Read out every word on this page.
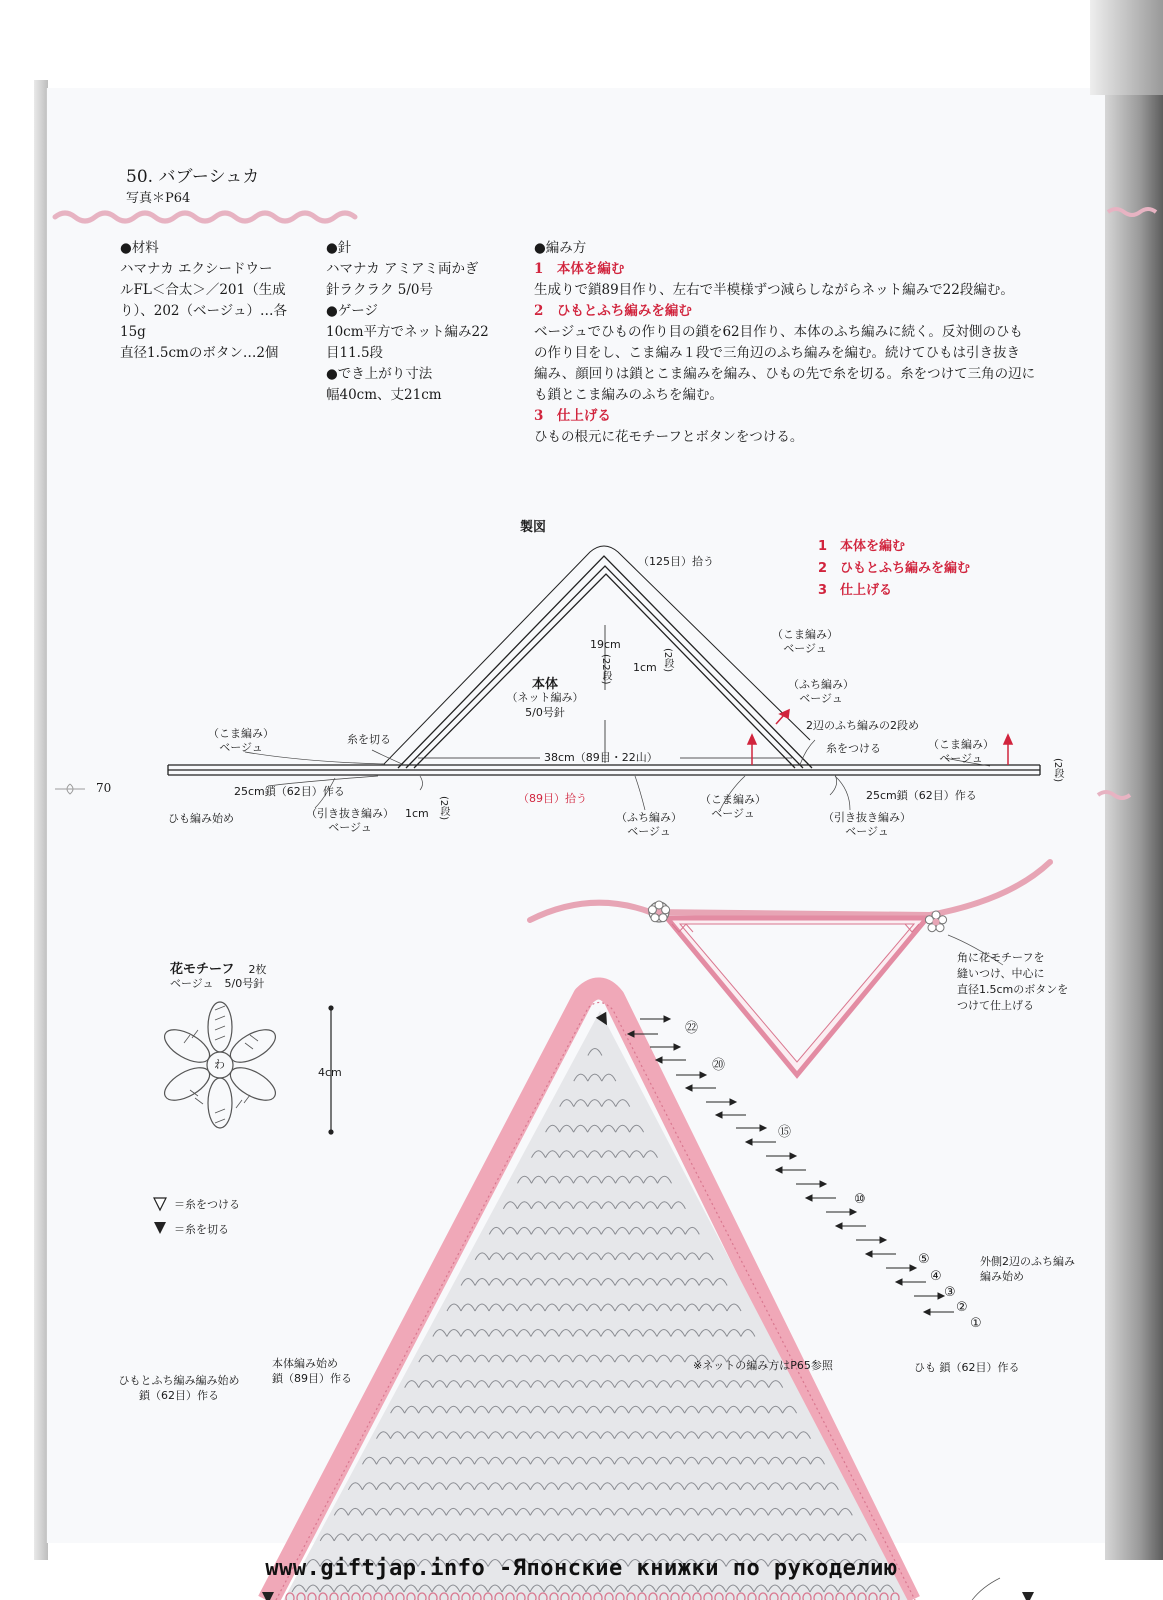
50. バブーシュカ
写真＊P64
70

●材料

ハマナカ エクシードウー

ルFL＜合太＞／201（生成

り）、202（ベージュ）…各

15g

直径1.5cmのボタン…2個

●針

ハマナカ アミアミ両かぎ

針ラクラク 5/0号

●ゲージ

10cm平方でネット編み22

目11.5段

●でき上がり寸法

幅40cm、丈21cm

●編み方

1　本体を編む

生成りで鎖89目作り、左右で半模様ずつ減らしながらネット編みで22段編む。

2　ひもとふち編みを編む

ベージュでひもの作り目の鎖を62目作り、本体のふち編みに続く。反対側のひも

の作り目をし、こま編み１段で三角辺のふち編みを編む。続けてひもは引き抜き

編み、顔回りは鎖とこま編みを編み、ひもの先で糸を切る。糸をつけて三角の辺に

も鎖とこま編みのふちを編む。

3　仕上げる

ひもの根元に花モチーフとボタンをつける。

製図
1　本体を編む
2　ひもとふち編みを編む
3　仕上げる
（125目）拾う
本体
（ネット編み）
5/0号針
19cm
(22段) 1cm (2段)
（こま編み）
ベージュ
（ふち編み）
ベージュ
2辺のふち編みの2段め
糸をつける
糸を切る
（こま編み）
ベージュ	（こま編み）
ベージュ	(2段)
38cm（89目・22山）
25cm鎖（62目）作る	25cm鎖（62目）作る
（89目）拾う
ひも編み始め	（引き抜き編み）
ベージュ
1cm (2段)	（ふち編み）
ベージュ
（こま編み）
ベージュ	（引き抜き編み）
ベージュ
角に花モチーフを
縫いつけ、中心に
直径1.5cmのボタンを
つけて仕上げる
花モチーフ 2枚
ベージュ　5/0号針
4cm
わ
＝糸をつける
＝糸を切る
㉒
⑳
⑮
⑩
⑤
④
③
②
①
外側2辺のふち編み
編み始め
本体編み始め
鎖（89目）作る
ひもとふち編み編み始め
鎖（62目）作る
※ネットの編み方はP65参照	ひも 鎖（62目）作る
www.giftjap.info -Японские книжки по рукоделию
